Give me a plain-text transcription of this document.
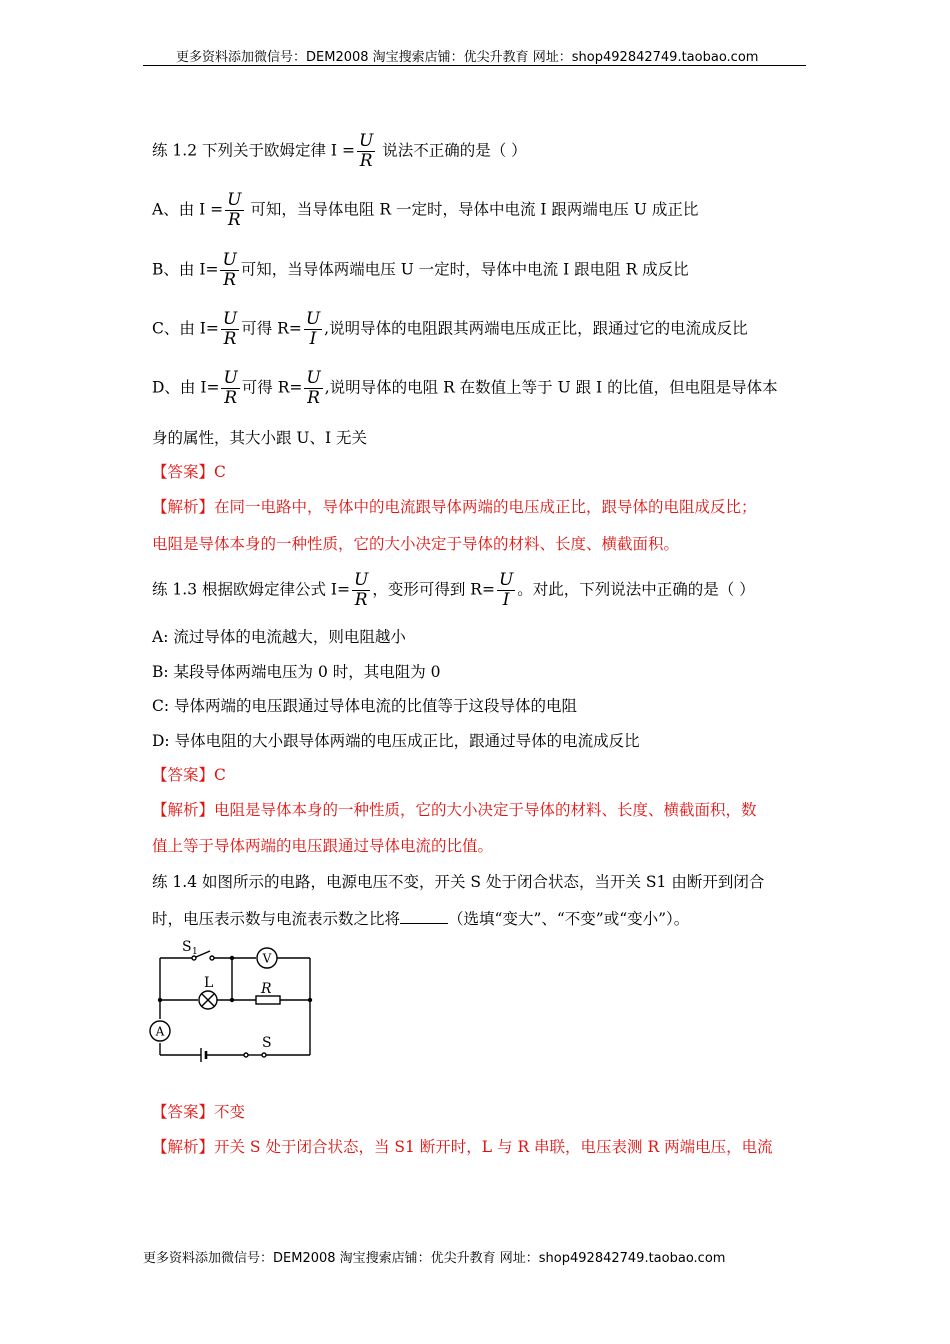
更多资料添加微信号：DEM2008 淘宝搜索店铺：优尖升教育 网址：shop492842749.taobao.com
练 1.2 下列关于欧姆定律 $I = \frac{U}{R}$ 说法不正确的是（ ）
A、由 $I = \frac{U}{R}$ 可知，当导体电阻 R 一定时，导体中电流 I 跟两端电压 U 成正比
B、由 $I= \frac{U}{R}$ 可知，当导体两端电压 U 一定时，导体中电流 I 跟电阻 R 成反比
C、由 $I= \frac{U}{R}$ 可得 $R= \frac{U}{I}$ ,说明导体的电阻跟其两端电压成正比，跟通过它的电流成反比
D、由 $I= \frac{U}{R}$ 可得 $R= \frac{U}{R}$ ,说明导体的电阻 R 在数值上等于 U 跟 I 的比值，但电阻是导体本
身的属性，其大小跟 U、I 无关
【答案】C
【解析】在同一电路中，导体中的电流跟导体两端的电压成正比，跟导体的电阻成反比；
电阻是导体本身的一种性质，它的大小决定于导体的材料、长度、横截面积。
练 1.3 根据欧姆定律公式 $I= \frac{U}{R}$ ，变形可得到 $R= \frac{U}{I}$ 。对此，下列说法中正确的是（ ）
A: 流过导体的电流越大，则电阻越小
B: 某段导体两端电压为 0 时，其电阻为 0
C: 导体两端的电压跟通过导体电流的比值等于这段导体的电阻
D: 导体电阻的大小跟导体两端的电压成正比，跟通过导体的电流成反比
【答案】C
【解析】电阻是导体本身的一种性质，它的大小决定于导体的材料、长度、横截面积，数
值上等于导体两端的电压跟通过导体电流的比值。
练 1.4 如图所示的电路，电源电压不变，开关 S 处于闭合状态，当开关 S1 由断开到闭合
时，电压表示数与电流表示数之比将	（选填“变大”、“不变”或“变小”）。
S 1
L	R
V
A
S
【答案】不变
【解析】开关 S 处于闭合状态，当 S1 断开时，L 与 R 串联，电压表测 R 两端电压，电流
更多资料添加微信号：DEM2008 淘宝搜索店铺：优尖升教育 网址：shop492842749.taobao.com
